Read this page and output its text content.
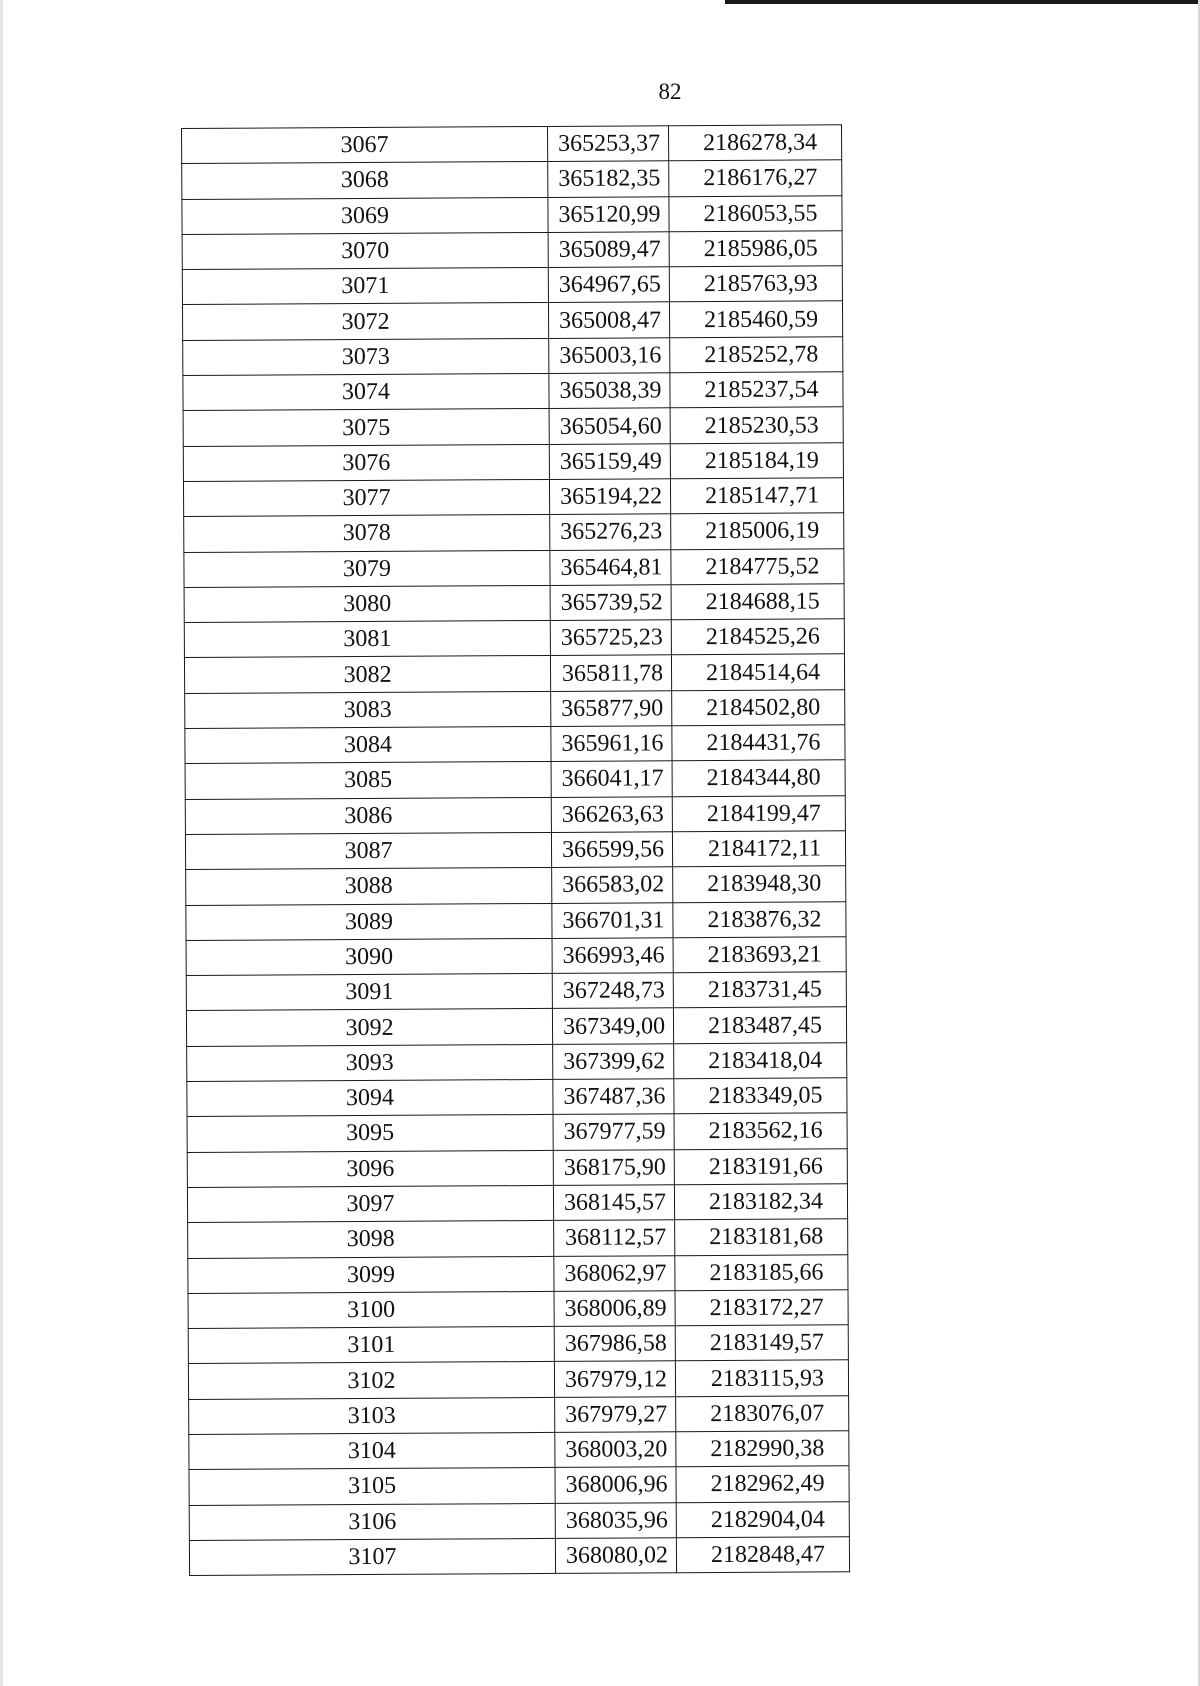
82
3067	365253,37	2186278,34
3068	365182,35	2186176,27
3069	365120,99	2186053,55
3070	365089,47	2185986,05
3071	364967,65	2185763,93
3072	365008,47	2185460,59
3073	365003,16	2185252,78
3074	365038,39	2185237,54
3075	365054,60	2185230,53
3076	365159,49	2185184,19
3077	365194,22	2185147,71
3078	365276,23	2185006,19
3079	365464,81	2184775,52
3080	365739,52	2184688,15
3081	365725,23	2184525,26
3082	365811,78	2184514,64
3083	365877,90	2184502,80
3084	365961,16	2184431,76
3085	366041,17	2184344,80
3086	366263,63	2184199,47
3087	366599,56	2184172,11
3088	366583,02	2183948,30
3089	366701,31	2183876,32
3090	366993,46	2183693,21
3091	367248,73	2183731,45
3092	367349,00	2183487,45
3093	367399,62	2183418,04
3094	367487,36	2183349,05
3095	367977,59	2183562,16
3096	368175,90	2183191,66
3097	368145,57	2183182,34
3098	368112,57	2183181,68
3099	368062,97	2183185,66
3100	368006,89	2183172,27
3101	367986,58	2183149,57
3102	367979,12	2183115,93
3103	367979,27	2183076,07
3104	368003,20	2182990,38
3105	368006,96	2182962,49
3106	368035,96	2182904,04
3107	368080,02	2182848,47
